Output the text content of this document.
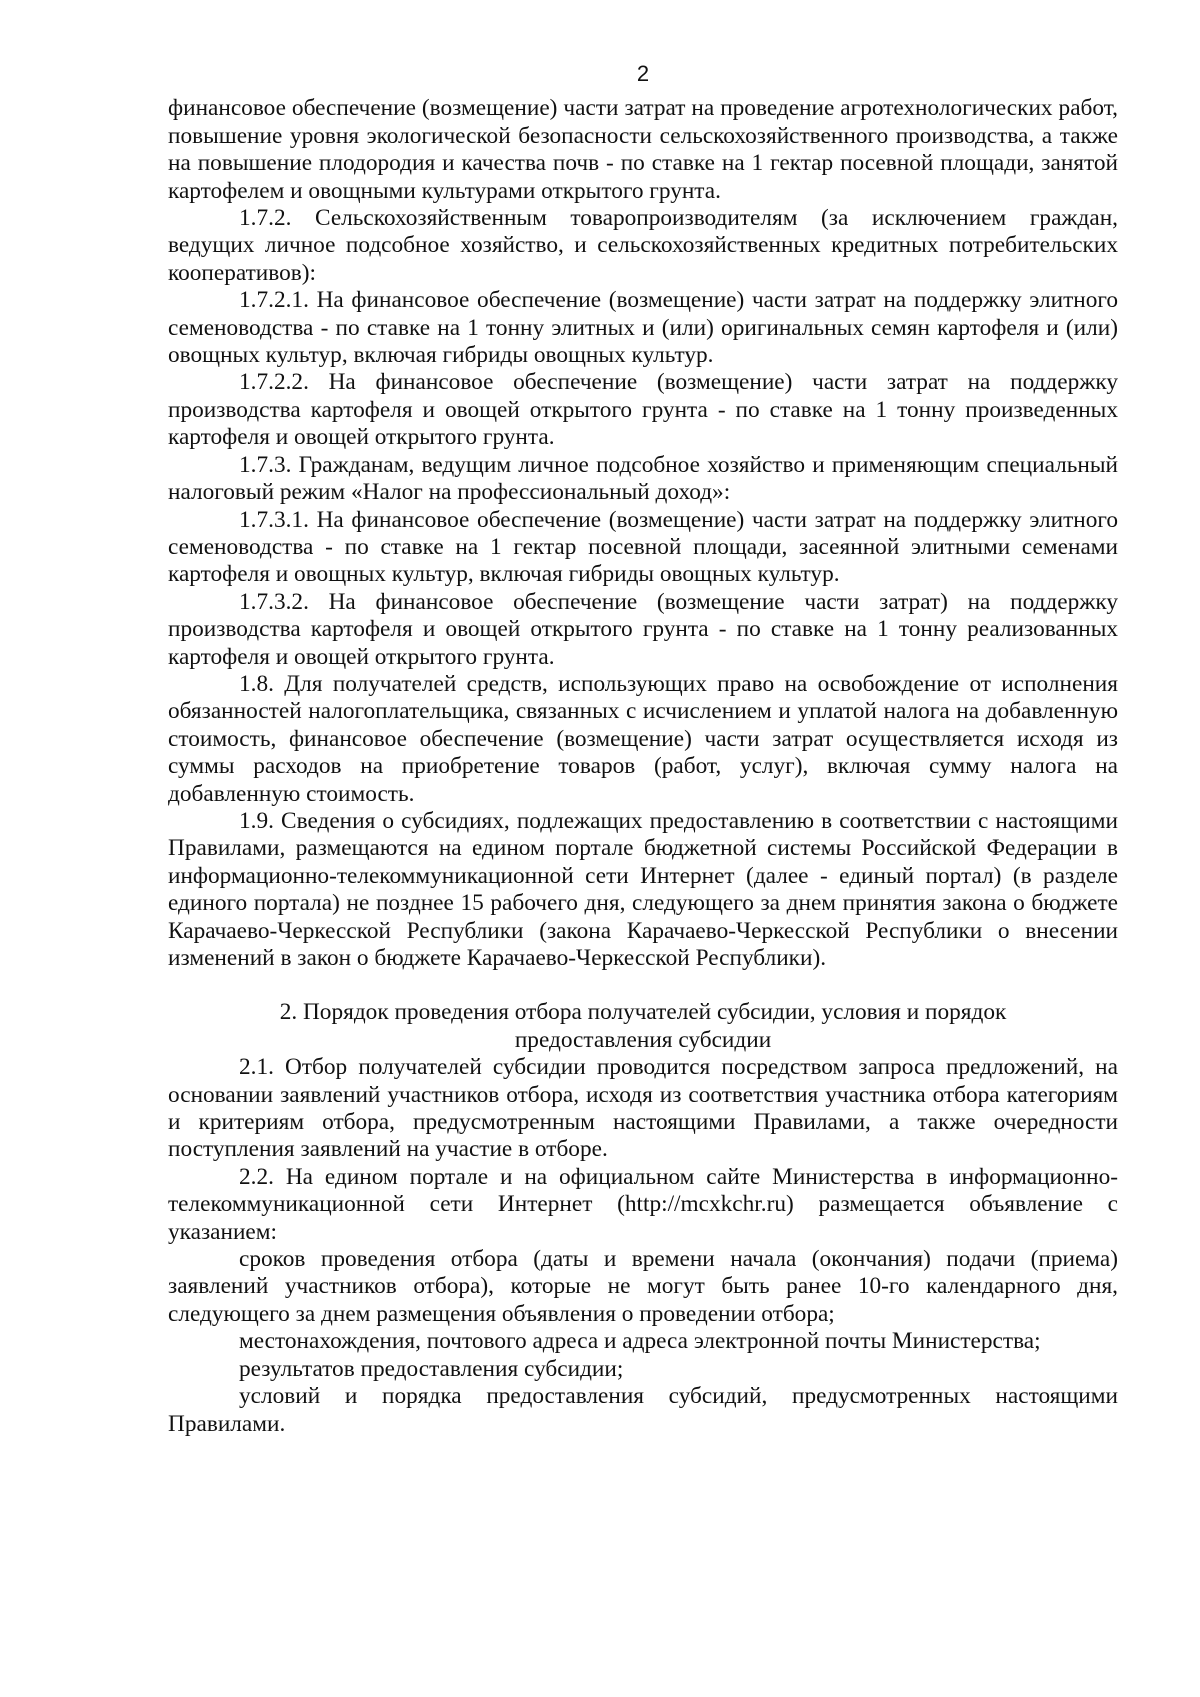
2

финансовое обеспечение (возмещение) части затрат на проведение агротехнологических работ, повышение уровня экологической безопасности сельскохозяйственного производства, а также на повышение плодородия и качества почв - по ставке на 1 гектар посевной площади, занятой картофелем и овощными культурами открытого грунта.

1.7.2. Сельскохозяйственным товаропроизводителям (за исключением граждан, ведущих личное подсобное хозяйство, и сельскохозяйственных кредитных потребительских кооперативов):

1.7.2.1. На финансовое обеспечение (возмещение) части затрат на поддержку элитного семеноводства - по ставке на 1 тонну элитных и (или) оригинальных семян картофеля и (или) овощных культур, включая гибриды овощных культур.

1.7.2.2. На финансовое обеспечение (возмещение) части затрат на поддержку производства картофеля и овощей открытого грунта - по ставке на 1 тонну произведенных картофеля и овощей открытого грунта.

1.7.3. Гражданам, ведущим личное подсобное хозяйство и применяющим специальный налоговый режим «Налог на профессиональный доход»:

1.7.3.1. На финансовое обеспечение (возмещение) части затрат на поддержку элитного семеноводства - по ставке на 1 гектар посевной площади, засеянной элитными семенами картофеля и овощных культур, включая гибриды овощных культур.

1.7.3.2. На финансовое обеспечение (возмещение части затрат) на поддержку производства картофеля и овощей открытого грунта - по ставке на 1 тонну реализованных картофеля и овощей открытого грунта.

1.8. Для получателей средств, использующих право на освобождение от исполнения обязанностей налогоплательщика, связанных с исчислением и уплатой налога на добавленную стоимость, финансовое обеспечение (возмещение) части затрат осуществляется исходя из суммы расходов на приобретение товаров (работ, услуг), включая сумму налога на добавленную стоимость.

1.9. Сведения о субсидиях, подлежащих предоставлению в соответствии с настоящими Правилами, размещаются на едином портале бюджетной системы Российской Федерации в информационно-телекоммуникационной сети Интернет (далее - единый портал) (в разделе единого портала) не позднее 15 рабочего дня, следующего за днем принятия закона о бюджете Карачаево-Черкесской Республики (закона Карачаево-Черкесской Республики о внесении изменений в закон о бюджете Карачаево-Черкесской Республики).

2. Порядок проведения отбора получателей субсидии, условия и порядок
предоставления субсидии

2.1. Отбор получателей субсидии проводится посредством запроса предложений, на основании заявлений участников отбора, исходя из соответствия участника отбора категориям и критериям отбора, предусмотренным настоящими Правилами, а также очередности поступления заявлений на участие в отборе.

2.2. На едином портале и на официальном сайте Министерства в информационно-телекоммуникационной сети Интернет (http://mcxkchr.ru) размещается объявление с указанием:

сроков проведения отбора (даты и времени начала (окончания) подачи (приема) заявлений участников отбора), которые не могут быть ранее 10-го календарного дня, следующего за днем размещения объявления о проведении отбора;

местонахождения, почтового адреса и адреса электронной почты Министерства;

результатов предоставления субсидии;

условий и порядка предоставления субсидий, предусмотренных настоящими Правилами.
